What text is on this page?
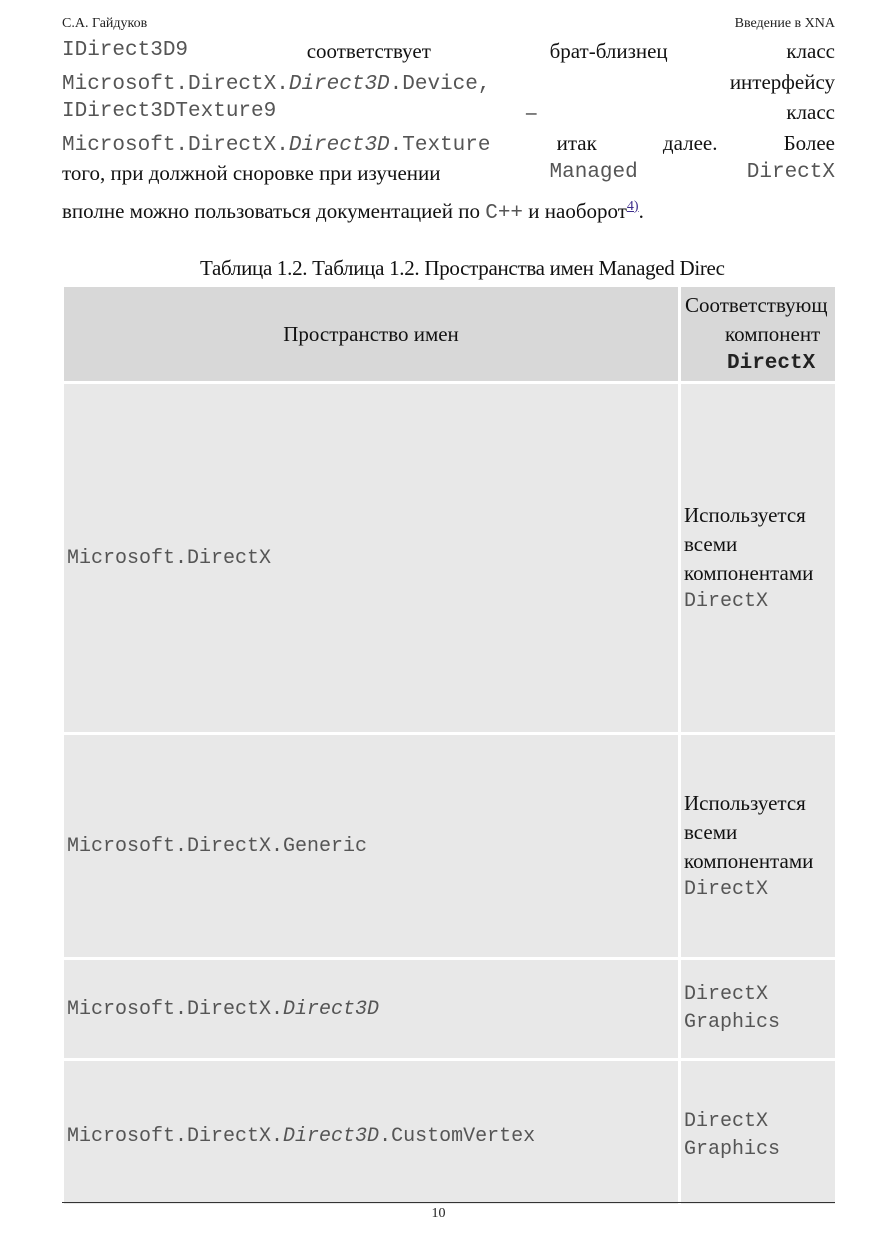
С.А. Гайдуков	Введение в XNA
IDirect3D9	соответствует	брат-близнец	класс
Microsoft.DirectX.Direct3D.Device,	интерфейсу
IDirect3DTexture9	–	класс
Microsoft.DirectX.Direct3D.Texture	итак	далее.	Более
того, при должной сноровке при изучении	Managed	DirectX
вполне можно пользоваться документацией по C++ и наоборот$^{4)}$.
Таблица 1.2. Таблица 1.2. Пространства имен Managed Direc
Пространство имен	Соответствующ
компонент
DirectX

Microsoft.DirectX	Используется
всеми
компонентами
DirectX

Microsoft.DirectX.Generic	Используется
всеми
компонентами
DirectX

Microsoft.DirectX.Direct3D	DirectX Graphics

Microsoft.DirectX.Direct3D.CustomVertex	DirectX Graphics
10
